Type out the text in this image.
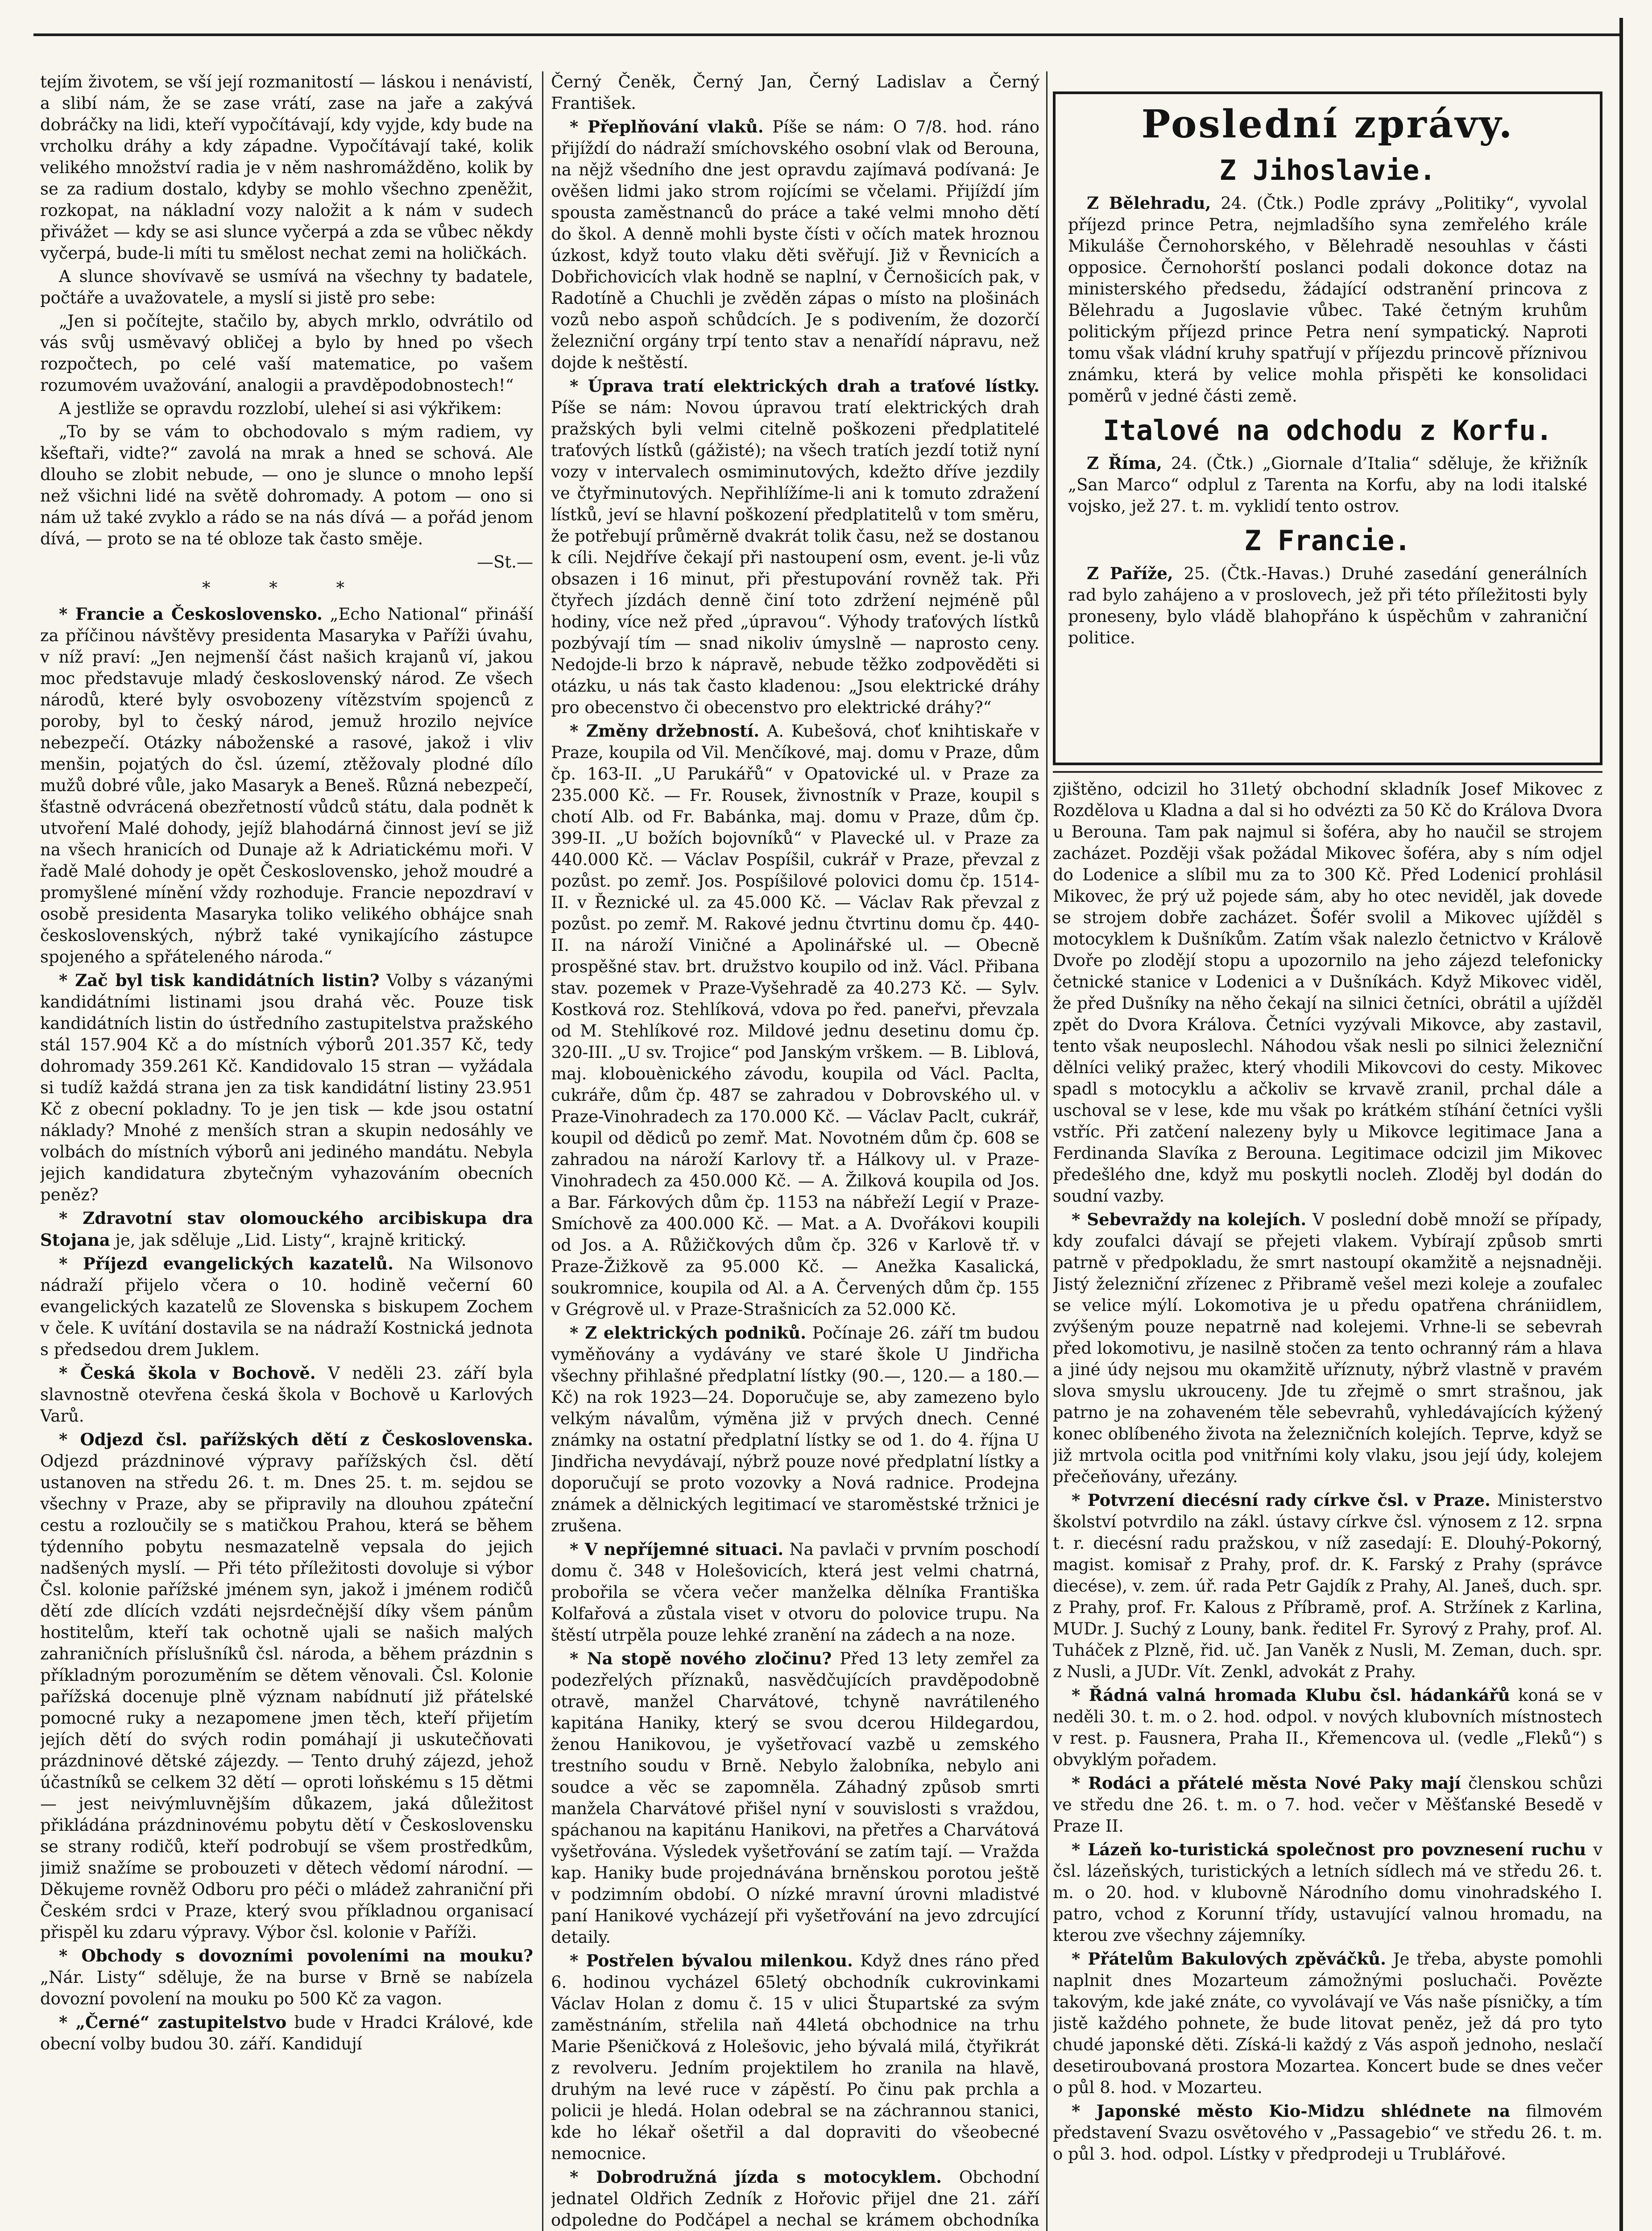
tejím životem, se vší její rozmanitostí — láskou i nenávistí, a slibí nám, že se zase vrátí, zase na jaře a zakývá dobráčky na lidi, kteří vypočítávají, kdy vyjde, kdy bude na vrcholku dráhy a kdy západne. Vypočítávají také, kolik velikého množství radia je v něm nashromážděno, kolik by se za radium dostalo, kdyby se mohlo všechno zpeněžit, rozkopat, na nákladní vozy naložit a k nám v sudech přivážet — kdy se asi slunce vyčerpá a zda se vůbec někdy vyčerpá, bude-li míti tu smělost nechat zemi na holičkách.

A slunce shovívavě se usmívá na všechny ty badatele, počtáře a uvažovatele, a myslí si jistě pro sebe:

„Jen si počítejte, stačilo by, abych mrklo, odvrátilo od vás svůj usměvavý obličej a bylo by hned po všech rozpočtech, po celé vaší matematice, po vašem rozumovém uvažování, analogii a pravděpodobnostech!“

A jestliže se opravdu rozzlobí, uleheí si asi výkřikem:

„To by se vám to obchodovalo s mým radiem, vy kšeftaři, vidte?“ zavolá na mrak a hned se schová. Ale dlouho se zlobit nebude, — ono je slunce o mnoho lepší než všichni lidé na světě dohromady. A potom — ono si nám už také zvyklo a rádo se na nás dívá — a pořád jenom dívá, — proto se na té obloze tak často směje.

—St.—

* * *

* Francie a Československo. „Echo National“ přináší za příčinou návštěvy presidenta Masaryka v Paříži úvahu, v níž praví: „Jen nejmenší část našich krajanů ví, jakou moc představuje mladý československý národ. Ze všech národů, které byly osvobozeny vítězstvím spojenců z poroby, byl to český národ, jemuž hrozilo nejvíce nebezpečí. Otázky náboženské a rasové, jakož i vliv menšin, pojatých do čsl. území, ztěžovaly plodné dílo mužů dobré vůle, jako Masaryk a Beneš. Různá nebezpečí, šťastně odvrácená obezřetností vůdců státu, dala podnět k utvoření Malé dohody, jejíž blahodárná činnost jeví se již na všech hranicích od Dunaje až k Adriatickému moři. V řadě Malé dohody je opět Československo, jehož moudré a promyšlené mínění vždy rozhoduje. Francie nepozdraví v osobě presidenta Masaryka toliko velikého obhájce snah československých, nýbrž také vynikajícího zástupce spojeného a spřáteleného národa.“

* Zač byl tisk kandidátních listin? Volby s vázanými kandidátními listinami jsou drahá věc. Pouze tisk kandidátních listin do ústředního zastupitelstva pražského stál 157.904 Kč a do místních výborů 201.357 Kč, tedy dohromady 359.261 Kč. Kandidovalo 15 stran — vyžádala si tudíž každá strana jen za tisk kandidátní listiny 23.951 Kč z obecní pokladny. To je jen tisk — kde jsou ostatní náklady? Mnohé z menších stran a skupin nedosáhly ve volbách do místních výborů ani jediného mandátu. Nebyla jejich kandidatura zbytečným vyhazováním obecních peněz?

* Zdravotní stav olomouckého arcibiskupa dra Stojana je, jak sděluje „Lid. Listy“, krajně kritický.

* Příjezd evangelických kazatelů. Na Wilsonovo nádraží přijelo včera o 10. hodině večerní 60 evangelických kazatelů ze Slovenska s biskupem Zochem v čele. K uvítání dostavila se na nádraží Kostnická jednota s předsedou drem Juklem.

* Česká škola v Bochově. V neděli 23. září byla slavnostně otevřena česká škola v Bochově u Karlových Varů.

* Odjezd čsl. pařížských dětí z Československa. Odjezd prázdninové výpravy pařížských čsl. dětí ustanoven na středu 26. t. m. Dnes 25. t. m. sejdou se všechny v Praze, aby se připravily na dlouhou zpáteční cestu a rozloučily se s matičkou Prahou, která se během týdenního pobytu nesmazatelně vepsala do jejich nadšených myslí. — Při této příležitosti dovoluje si výbor Čsl. kolonie pařížské jménem syn, jakož i jménem rodičů dětí zde dlících vzdáti nejsrdečnější díky všem pánům hostitelům, kteří tak ochotně ujali se našich malých zahraničních příslušníků čsl. národa, a během prázdnin s příkladným porozuměním se dětem věnovali. Čsl. Kolonie pařížská docenuje plně význam nabídnutí již přátelské pomocné ruky a nezapomene jmen těch, kteří přijetím jejích dětí do svých rodin pomáhají ji uskutečňovati prázdninové dětské zájezdy. — Tento druhý zájezd, jehož účastníků se celkem 32 dětí — oproti loňskému s 15 dětmi — jest neivýmluvnějším důkazem, jaká důležitost přikládána prázdninovému pobytu dětí v Československu se strany rodičů, kteří podrobují se všem prostředkům, jimiž snažíme se probouzeti v dětech vědomí národní. — Děkujeme rovněž Odboru pro péči o mládež zahraniční při Českém srdci v Praze, který svou příkladnou organisací přispěl ku zdaru výpravy. Výbor čsl. kolonie v Paříži.

* Obchody s dovozními povoleními na mouku? „Nár. Listy“ sděluje, že na burse v Brně se nabízela dovozní povolení na mouku po 500 Kč za vagon.

* „Černé“ zastupitelstvo bude v Hradci Králové, kde obecní volby budou 30. září. Kandidují

Černý Čeněk, Černý Jan, Černý Ladislav a Černý František.

* Přeplňování vlaků. Píše se nám: O 7/8. hod. ráno přijíždí do nádraží smíchovského osobní vlak od Berouna, na nějž všedního dne jest opravdu zajímavá podívaná: Je ověšen lidmi jako strom rojícími se včelami. Přijíždí jím spousta zaměstnanců do práce a také velmi mnoho dětí do škol. A denně mohli byste čísti v očích matek hroznou úzkost, když touto vlaku děti svěřují. Již v Řevnicích a Dobřichovicích vlak hodně se naplní, v Černošicích pak, v Radotíně a Chuchli je zvěděn zápas o místo na plošinách vozů nebo aspoň schůdcích. Je s podivením, že dozorčí železniční orgány trpí tento stav a nenařídí nápravu, než dojde k neštěstí.

* Úprava tratí elektrických drah a traťové lístky. Píše se nám: Novou úpravou tratí elektrických drah pražských byli velmi citelně poškozeni předplatitelé traťových lístků (gážisté); na všech tratích jezdí totiž nyní vozy v intervalech osmiminutových, kdežto dříve jezdily ve čtyřminutových. Nepřihlížíme-li ani k tomuto zdražení lístků, jeví se hlavní poškození předplatitelů v tom směru, že potřebují průměrně dvakrát tolik času, než se dostanou k cíli. Nejdříve čekají při nastoupení osm, event. je-li vůz obsazen i 16 minut, při přestupování rovněž tak. Při čtyřech jízdách denně činí toto zdržení nejméně půl hodiny, více než před „úpravou“. Výhody traťových lístků pozbývají tím — snad nikoliv úmyslně — naprosto ceny. Nedojde-li brzo k nápravě, nebude těžko zodpověděti si otázku, u nás tak často kladenou: „Jsou elektrické dráhy pro obecenstvo či obecenstvo pro elektrické dráhy?“

* Změny držebností. A. Kubešová, choť knihtiskaře v Praze, koupila od Vil. Menčíkové, maj. domu v Praze, dům čp. 163-II. „U Parukářů“ v Opatovické ul. v Praze za 235.000 Kč. — Fr. Rousek, živnostník v Praze, koupil s chotí Alb. od Fr. Babánka, maj. domu v Praze, dům čp. 399-II. „U božích bojovníků“ v Plavecké ul. v Praze za 440.000 Kč. — Václav Pospíšil, cukrář v Praze, převzal z pozůst. po zemř. Jos. Pospíšilové polovici domu čp. 1514-II. v Řeznické ul. za 45.000 Kč. — Václav Rak převzal z pozůst. po zemř. M. Rakové jednu čtvrtinu domu čp. 440-II. na nároží Viničné a Apolinářské ul. — Obecně prospěšné stav. brt. družstvo koupilo od inž. Václ. Přibana stav. pozemek v Praze-Vyšehradě za 40.273 Kč. — Sylv. Kostková roz. Stehlíková, vdova po řed. paneřvi, převzala od M. Stehlíkové roz. Mildové jednu desetinu domu čp. 320-III. „U sv. Trojice“ pod Janským vrškem. — B. Liblová, maj. klobouènického závodu, koupila od Václ. Paclta, cukráře, dům čp. 487 se zahradou v Dobrovského ul. v Praze-Vinohradech za 170.000 Kč. — Václav Paclt, cukrář, koupil od dědiců po zemř. Mat. Novotném dům čp. 608 se zahradou na nároží Karlovy tř. a Hálkovy ul. v Praze-Vinohradech za 450.000 Kč. — A. Žilková koupila od Jos. a Bar. Fárkových dům čp. 1153 na nábřeží Legií v Praze-Smíchově za 400.000 Kč. — Mat. a A. Dvořákovi koupili od Jos. a A. Růžičkových dům čp. 326 v Karlově tř. v Praze-Žižkově za 95.000 Kč. — Anežka Kasalická, soukromnice, koupila od Al. a A. Červených dům čp. 155 v Grégrově ul. v Praze-Strašnicích za 52.000 Kč.

* Z elektrických podniků. Počínaje 26. září tm budou vyměňovány a vydávány ve staré škole U Jindřicha všechny přihlašné předplatní lístky (90.—, 120.— a 180.— Kč) na rok 1923—24. Doporučuje se, aby zamezeno bylo velkým návalům, výměna již v prvých dnech. Cenné známky na ostatní předplatní lístky se od 1. do 4. října U Jindřicha nevydávají, nýbrž pouze nové předplatní lístky a doporučují se proto vozovky a Nová radnice. Prodejna známek a dělnických legitimací ve staroměstské tržnici je zrušena.

* V nepříjemné situaci. Na pavlači v prvním poschodí domu č. 348 v Holešovicích, která jest velmi chatrná, probořila se včera večer manželka dělníka Františka Kolfařová a zůstala viset v otvoru do polovice trupu. Na štěstí utrpěla pouze lehké zranění na zádech a na noze.

* Na stopě nového zločinu? Před 13 lety zemřel za podezřelých příznaků, nasvědčujících pravděpodobně otravě, manžel Charvátové, tchyně navrátileného kapitána Haniky, který se svou dcerou Hildegardou, ženou Hanikovou, je vyšetřovací vazbě u zemského trestního soudu v Brně. Nebylo žalobníka, nebylo ani soudce a věc se zapomněla. Záhadný způsob smrti manžela Charvátové přišel nyní v souvislosti s vraždou, spáchanou na kapitánu Hanikovi, na přetřes a Charvátová vyšetřována. Výsledek vyšetřování se zatím tají. — Vražda kap. Haniky bude projednávána brněnskou porotou ještě v podzimním období. O nízké mravní úrovni mladistvé paní Hanikové vycházejí při vyšetřování na jevo zdrcující detaily.

* Postřelen bývalou milenkou. Když dnes ráno před 6. hodinou vycházel 65letý obchodník cukrovinkami Václav Holan z domu č. 15 v ulici Štupartské za svým zaměstnáním, střelila naň 44letá obchodnice na trhu Marie Pšeničková z Holešovic, jeho bývalá milá, čtyřikrát z revolveru. Jedním projektilem ho zranila na hlavě, druhým na levé ruce v zápěstí. Po činu pak prchla a policii je hledá. Holan odebral se na záchrannou stanici, kde ho lékař ošetřil a dal dopraviti do všeobecné nemocnice.

* Dobrodružná jízda s motocyklem. Obchodní jednatel Oldřich Zedník z Hořovic přijel dne 21. září odpoledne do Podčápel a nechal se krámem obchodníka

Poslední zprávy.
Z Jihoslavie.

Z Bělehradu, 24. (Čtk.) Podle zprávy „Politiky“, vyvolal příjezd prince Petra, nejmladšího syna zemřelého krále Mikuláše Černohorského, v Bělehradě nesouhlas v části opposice. Černohorští poslanci podali dokonce dotaz na ministerského předsedu, žádající odstranění princova z Bělehradu a Jugoslavie vůbec. Také četným kruhům politickým příjezd prince Petra není sympatický. Naproti tomu však vládní kruhy spatřují v příjezdu princově příznivou známku, která by velice mohla přispěti ke konsolidaci poměrů v jedné části země.

Italové na odchodu z Korfu.

Z Říma, 24. (Čtk.) „Giornale d’Italia“ sděluje, že křižník „San Marco“ odplul z Tarenta na Korfu, aby na lodi italské vojsko, jež 27. t. m. vyklidí tento ostrov.

Z Francie.

Z Paříže, 25. (Čtk.-Havas.) Druhé zasedání generálních rad bylo zahájeno a v proslovech, jež při této příležitosti byly proneseny, bylo vládě blahopřáno k úspěchům v zahraniční politice.

zjištěno, odcizil ho 31letý obchodní skladník Josef Mikovec z Rozdělova u Kladna a dal si ho odvézti za 50 Kč do Králova Dvora u Berouna. Tam pak najmul si šoféra, aby ho naučil se strojem zacházet. Později však požádal Mikovec šoféra, aby s ním odjel do Lodenice a slíbil mu za to 300 Kč. Před Lodenicí prohlásil Mikovec, že prý už pojede sám, aby ho otec neviděl, jak dovede se strojem dobře zacházet. Šofér svolil a Mikovec ujížděl s motocyklem k Dušníkům. Zatím však nalezlo četnictvo v Králově Dvoře po zlodějí stopu a upozornilo na jeho zájezd telefonicky četnické stanice v Lodenici a v Dušníkách. Když Mikovec viděl, že před Dušníky na něho čekají na silnici četníci, obrátil a ujížděl zpět do Dvora Králova. Četníci vyzývali Mikovce, aby zastavil, tento však neuposlechl. Náhodou však nesli po silnici železniční dělníci veliký pražec, který vhodili Mikovcovi do cesty. Mikovec spadl s motocyklu a ačkoliv se krvavě zranil, prchal dále a uschoval se v lese, kde mu však po krátkém stíhání četníci vyšli vstříc. Při zatčení nalezeny byly u Mikovce legitimace Jana a Ferdinanda Slavíka z Berouna. Legitimace odcizil jim Mikovec předešlého dne, když mu poskytli nocleh. Zloděj byl dodán do soudní vazby.

* Sebevraždy na kolejích. V poslední době množí se případy, kdy zoufalci dávají se přejeti vlakem. Vybírají způsob smrti patrně v předpokladu, že smrt nastoupí okamžitě a nejsnadněji. Jistý železniční zřízenec z Přibramě vešel mezi koleje a zoufalec se velice mýlí. Lokomotiva je u předu opatřena chrániidlem, zvýšeným pouze nepatrně nad kolejemi. Vrhne-li se sebevrah před lokomotivu, je nasilně stočen za tento ochranný rám a hlava a jiné údy nejsou mu okamžitě uříznuty, nýbrž vlastně v pravém slova smyslu ukrouceny. Jde tu zřejmě o smrt strašnou, jak patrno je na zohaveném těle sebevrahů, vyhledávajících kýžený konec oblíbeného života na železničních kolejích. Teprve, když se již mrtvola ocitla pod vnitřními koly vlaku, jsou její údy, kolejem přečeňovány, uřezány.

* Potvrzení diecésní rady církve čsl. v Praze. Ministerstvo školství potvrdilo na zákl. ústavy církve čsl. výnosem z 12. srpna t. r. diecésní radu pražskou, v níž zasedají: E. Dlouhý-Pokorný, magist. komisař z Prahy, prof. dr. K. Farský z Prahy (správce diecése), v. zem. úř. rada Petr Gajdík z Prahy, Al. Janeš, duch. spr. z Prahy, prof. Fr. Kalous z Příbramě, prof. A. Stržínek z Karlina, MUDr. J. Suchý z Louny, bank. ředitel Fr. Syrový z Prahy, prof. Al. Tuháček z Plzně, řid. uč. Jan Vaněk z Nusli, M. Zeman, duch. spr. z Nusli, a JUDr. Vít. Zenkl, advokát z Prahy.

* Řádná valná hromada Klubu čsl. hádankářů koná se v neděli 30. t. m. o 2. hod. odpol. v nových klubovních místnostech v rest. p. Fausnera, Praha II., Křemencova ul. (vedle „Fleků“) s obvyklým pořadem.

* Rodáci a přátelé města Nové Paky mají členskou schůzi ve středu dne 26. t. m. o 7. hod. večer v Měšťanské Besedě v Praze II.

* Lázeň ko-turistická společnost pro povznesení ruchu v čsl. lázeňských, turistických a letních sídlech má ve středu 26. t. m. o 20. hod. v klubovně Národního domu vinohradského I. patro, vchod z Korunní třídy, ustavující valnou hromadu, na kterou zve všechny zájemníky.

* Přátelům Bakulových zpěváčků. Je třeba, abyste pomohli naplnit dnes Mozarteum zámožnými posluchači. Povězte takovým, kde jaké znáte, co vyvolávají ve Vás naše písničky, a tím jistě každého pohnete, že bude litovat peněz, jež dá pro tyto chudé japonské děti. Získá-li každý z Vás aspoň jednoho, neslačí desetiroubovaná prostora Mozartea. Koncert bude se dnes večer o půl 8. hod. v Mozarteu.

* Japonské město Kio-Midzu shlédnete na filmovém představení Svazu osvětového v „Passagebio“ ve středu 26. t. m. o půl 3. hod. odpol. Lístky v předprodeji u Trublářové.
